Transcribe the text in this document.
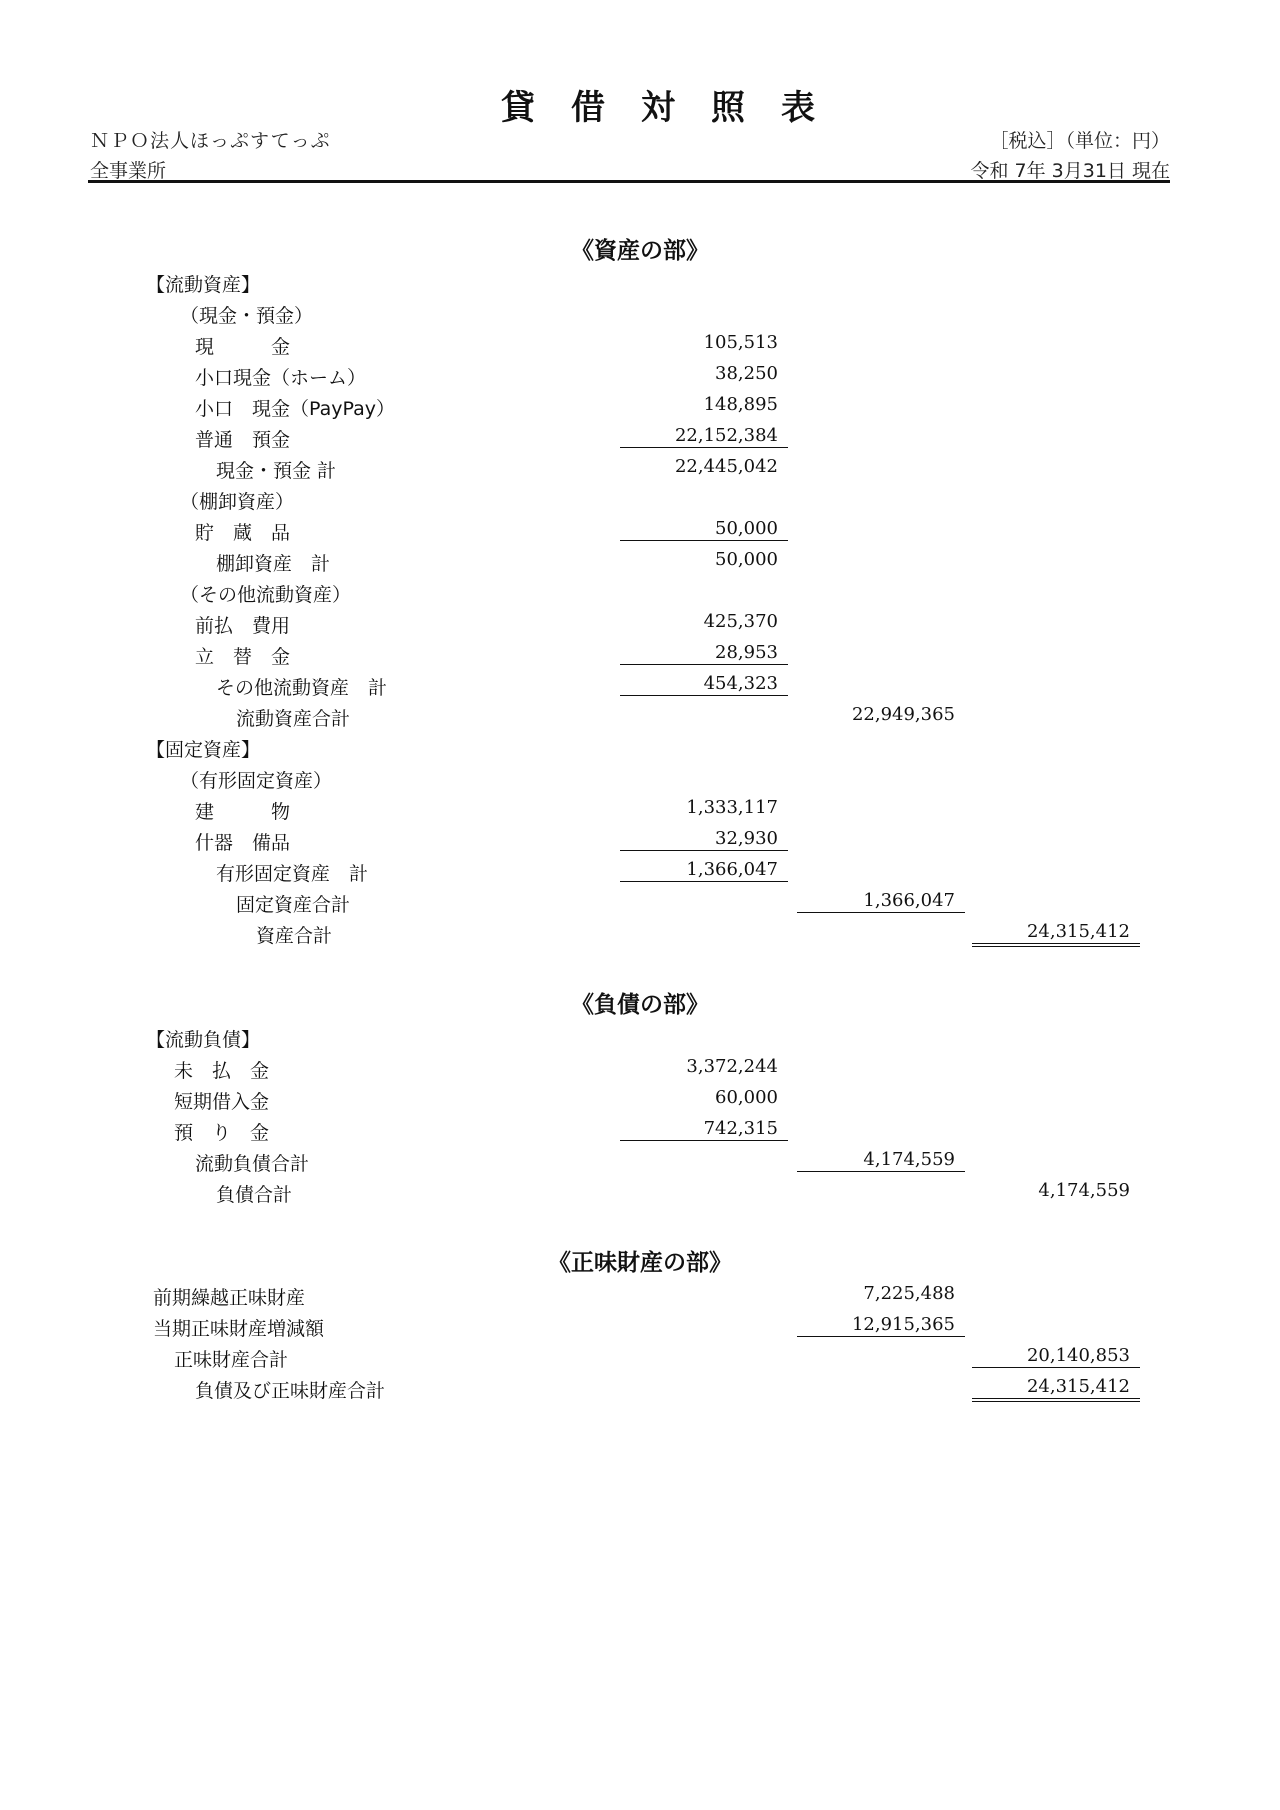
貸借対照表
ＮＰＯ法人ほっぷすてっぷ
全事業所
［税込］（単位：円）
令和 7年 3月31日 現在
《資産の部》
【流動資産】
（現金・預金）
現　　　金	105,513
小口現金（ホーム）	38,250
小口　現金（PayPay）	148,895
普通　預金	22,152,384
現金・預金 計	22,445,042
（棚卸資産）
貯　蔵　品	50,000
棚卸資産　計	50,000
（その他流動資産）
前払　費用	425,370
立　替　金	28,953
その他流動資産　計	454,323
流動資産合計	22,949,365
【固定資産】
（有形固定資産）
建　　　物	1,333,117
什器　備品	32,930
有形固定資産　計	1,366,047
固定資産合計	1,366,047
資産合計	24,315,412
《負債の部》
【流動負債】
未　払　金	3,372,244
短期借入金	60,000
預　り　金	742,315
流動負債合計	4,174,559
負債合計	4,174,559
《正味財産の部》
前期繰越正味財産	7,225,488
当期正味財産増減額	12,915,365
正味財産合計	20,140,853
負債及び正味財産合計	24,315,412
